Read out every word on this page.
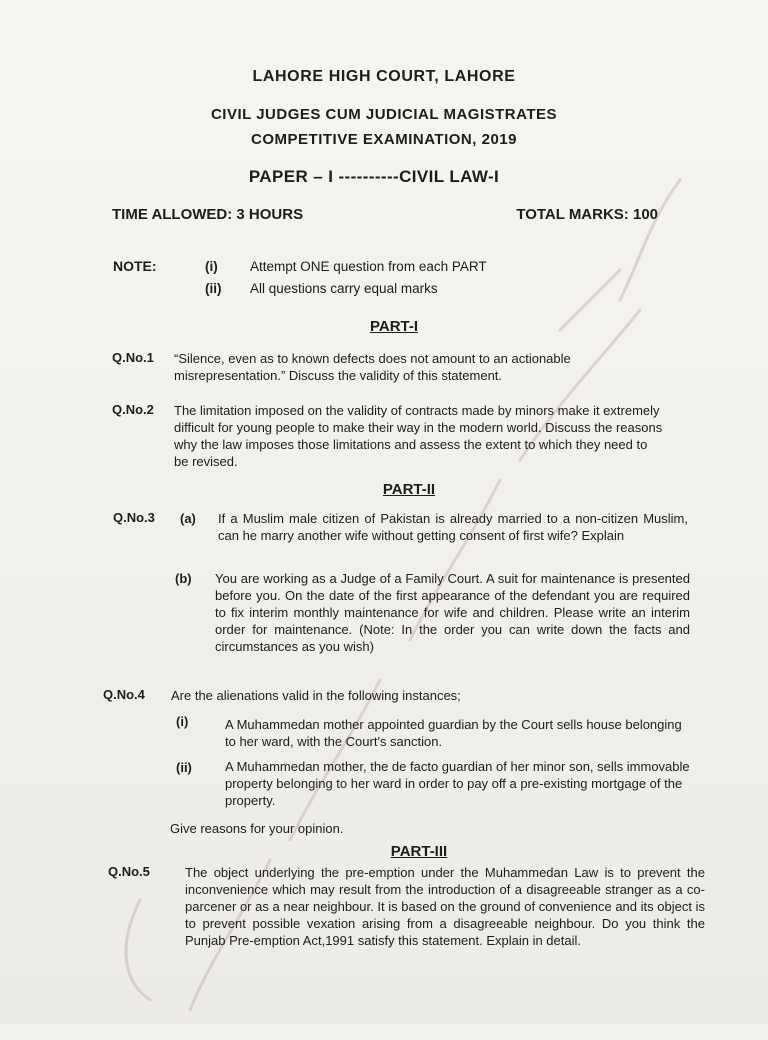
LAHORE HIGH COURT, LAHORE
CIVIL JUDGES CUM JUDICIAL MAGISTRATES
COMPETITIVE EXAMINATION, 2019
PAPER – I ----------CIVIL LAW-I
TIME ALLOWED: 3 HOURS	TOTAL MARKS: 100
NOTE:	(i) Attempt ONE question from each PART
(ii) All questions carry equal marks
PART-I
Q.No.1 “Silence, even as to known defects does not amount to an actionable misrepresentation.” Discuss the validity of this statement.
Q.No.2 The limitation imposed on the validity of contracts made by minors make it extremely difficult for young people to make their way in the modern world. Discuss the reasons why the law imposes those limitations and assess the extent to which they need to be revised.
PART-II
Q.No.3 (a) If a Muslim male citizen of Pakistan is already married to a non-citizen Muslim, can he marry another wife without getting consent of first wife? Explain
(b) You are working as a Judge of a Family Court. A suit for maintenance is presented before you. On the date of the first appearance of the defendant you are required to fix interim monthly maintenance for wife and children. Please write an interim order for maintenance. (Note: In the order you can write down the facts and circumstances as you wish)
Q.No.4 Are the alienations valid in the following instances;
(i)	A Muhammedan mother appointed guardian by the Court sells house belonging to her ward, with the Court's sanction.
(ii)	A Muhammedan mother, the de facto guardian of her minor son, sells immovable property belonging to her ward in order to pay off a pre-existing mortgage of the property.
Give reasons for your opinion.
PART-III
Q.No.5	The object underlying the pre-emption under the Muhammedan Law is to prevent the inconvenience which may result from the introduction of a disagreeable stranger as a co-parcener or as a near neighbour. It is based on the ground of convenience and its object is to prevent possible vexation arising from a disagreeable neighbour. Do you think the Punjab Pre-emption Act,1991 satisfy this statement. Explain in detail.
